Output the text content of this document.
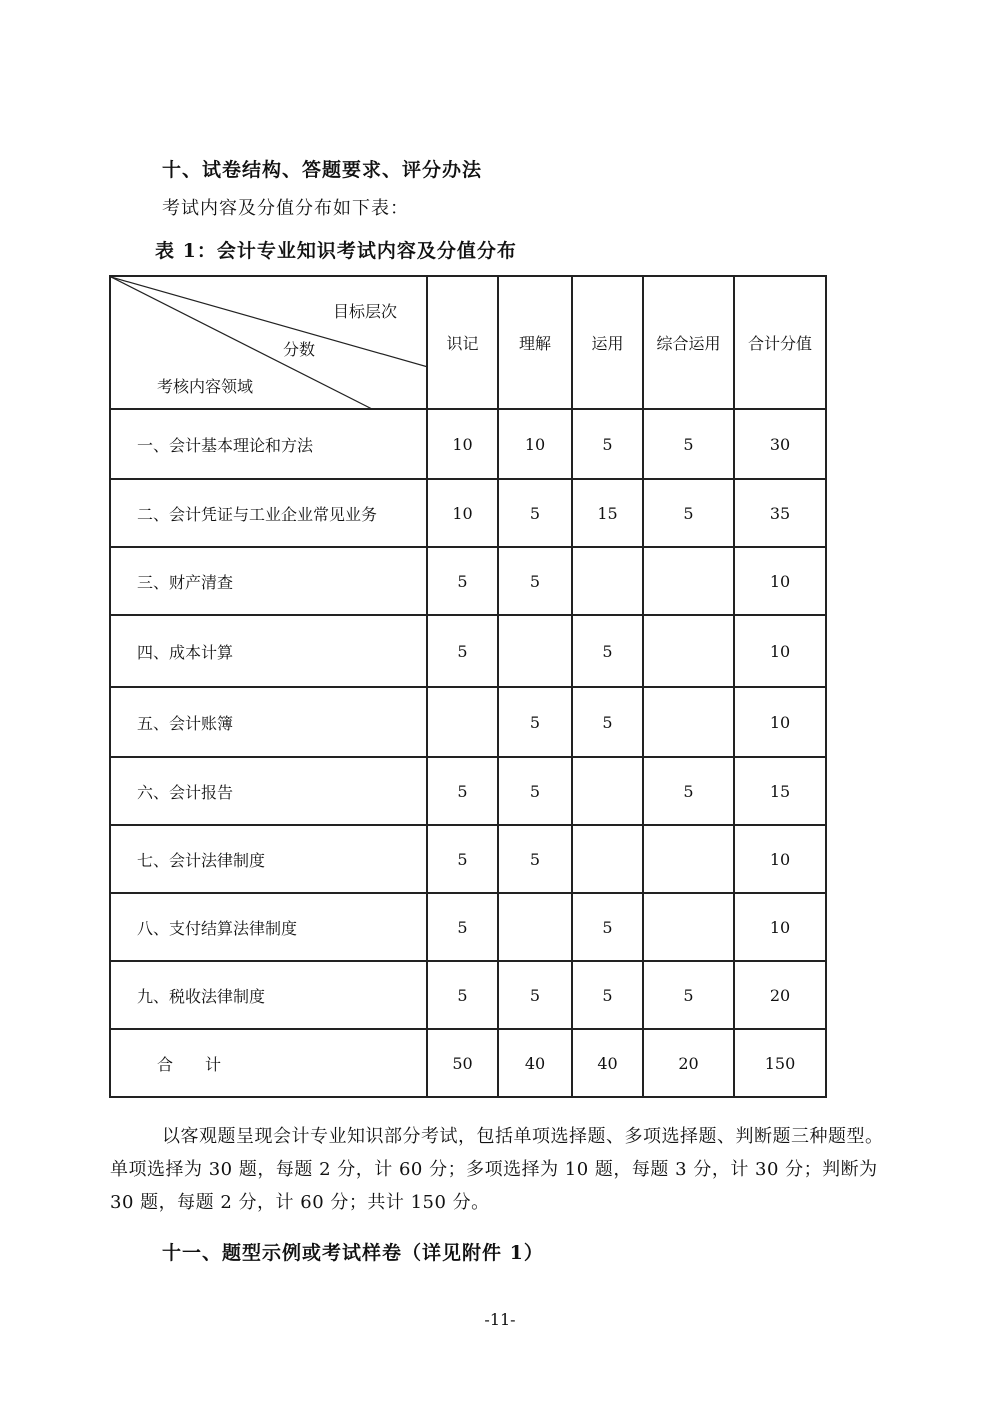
十、试卷结构、答题要求、评分办法
考试内容及分值分布如下表：
表 1：会计专业知识考试内容及分值分布
目标层次
分数
考核内容领域	识记	理解	运用	综合运用	合计分值
一、会计基本理论和方法	10	10	5	5	30
二、会计凭证与工业企业常见业务	10	5	15	5	35
三、财产清查	5	5			10
四、成本计算	5		5		10
五、会计账簿		5	5		10
六、会计报告	5	5		5	15
七、会计法律制度	5	5			10
八、支付结算法律制度	5		5		10
九、税收法律制度	5	5	5	5	20
合　　计	50	40	40	20	150
以客观题呈现会计专业知识部分考试，包括单项选择题、多项选择题、判断题三种题型。单项选择为 30 题，每题 2 分，计 60 分；多项选择为 10 题，每题 3 分，计 30 分；判断为 30 题，每题 2 分，计 60 分；共计 150 分。
十一、题型示例或考试样卷（详见附件 1）
-11-
